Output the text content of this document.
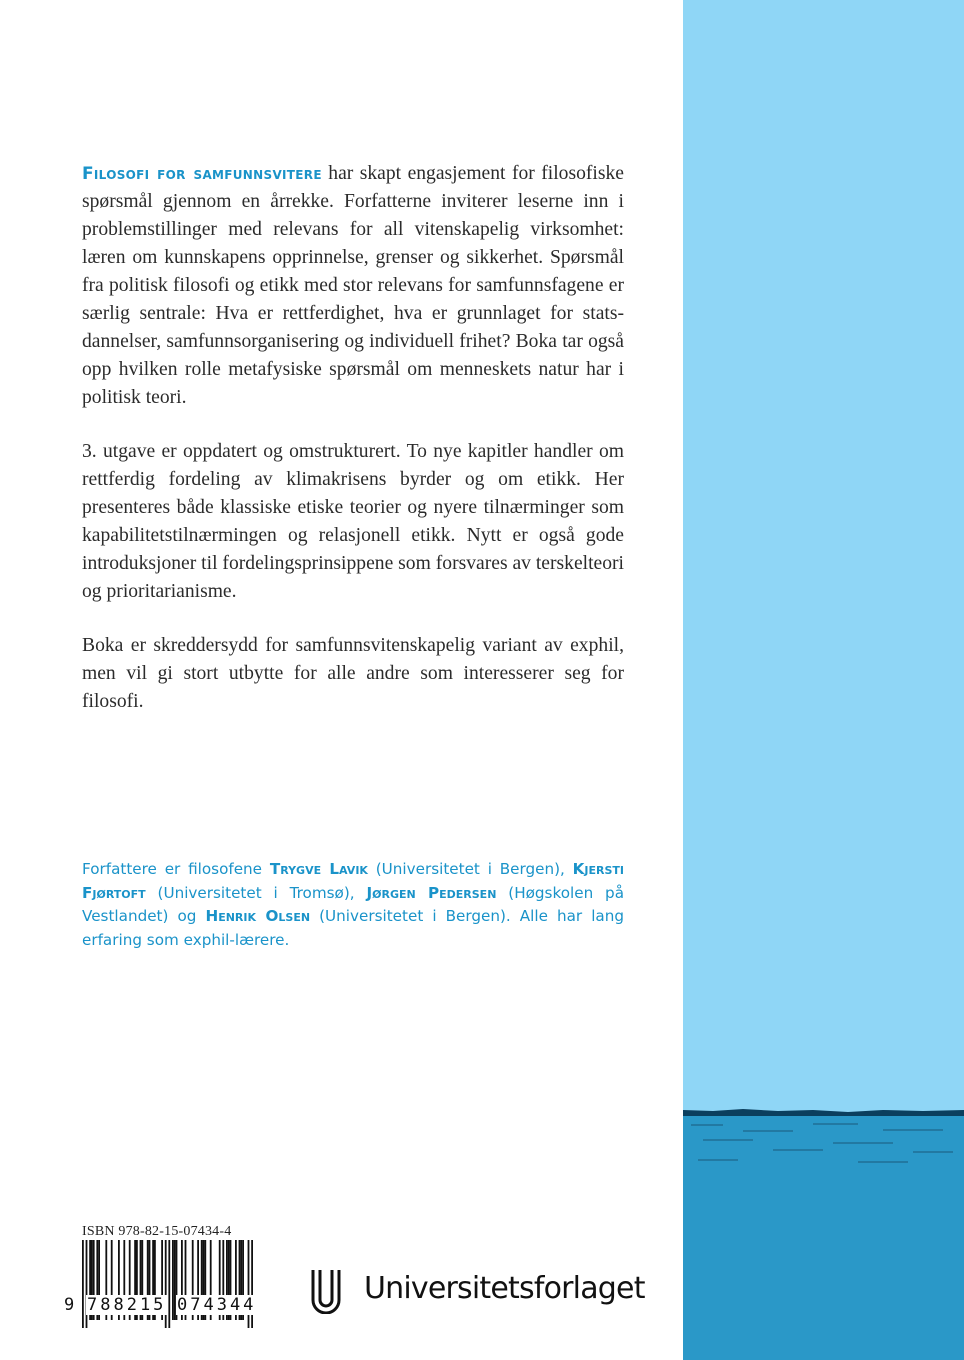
Filosofi for samfunnsvitere har skapt engasjement for filosofiske spørsmål gjennom en årrekke. Forfatterne inviterer leserne inn i problemstillinger med relevans for all vitenskapelig virksomhet: læren om kunnskapens opprinnelse, grenser og sikkerhet. Spørsmål fra politisk filosofi og etikk med stor relevans for samfunnsfagene er særlig sentrale: Hva er rettferdighet, hva er grunnlaget for statsdannelser, samfunnsorganisering og individuell frihet? Boka tar også opp hvilken rolle metafysiske spørsmål om menneskets natur har i politisk teori.

3. utgave er oppdatert og omstrukturert. To nye kapitler handler om rettferdig fordeling av klimakrisens byrder og om etikk. Her presenteres både klassiske etiske teorier og nyere tilnærminger som kapabilitetstilnærmingen og relasjonell etikk. Nytt er også gode introduksjoner til fordelingsprinsippene som forsvares av terskelteori og prioritarianisme.

Boka er skreddersydd for samfunnsvitenskapelig variant av exphil, men vil gi stort utbytte for alle andre som interesserer seg for filosofi.

Forfattere er filosofene Trygve Lavik (Universitetet i Bergen), Kjersti Fjørtoft (Universitetet i Tromsø), Jørgen Pedersen (Høgskolen på Vestlandet) og Henrik Olsen (Universitetet i Bergen). Alle har lang erfaring som exphil-lærere.

ISBN 978-82-15-07434-4
9 788215 074344	Universitetsforlaget
